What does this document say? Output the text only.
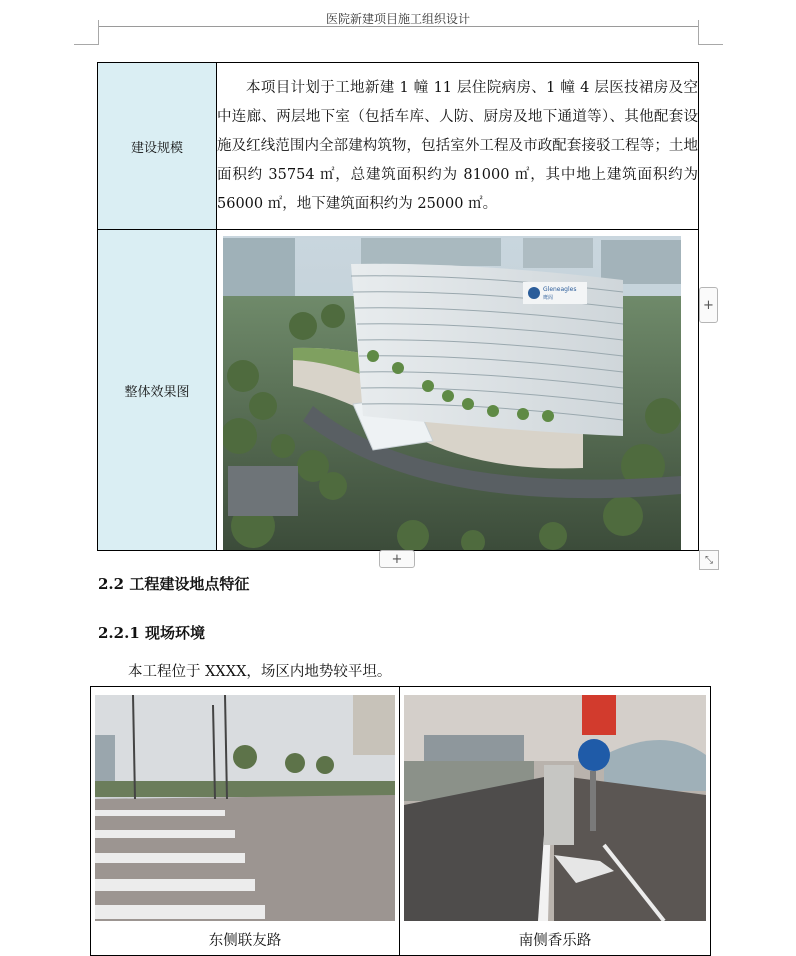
医院新建项目施工组织设计
建设规模	本项目计划于工地新建 1 幢 11 层住院病房、1 幢 4 层医技裙房及空中连廊、两层地下室（包括车库、人防、厨房及地下通道等）、其他配套设施及红线范围内全部建构筑物，包括室外工程及市政配套接驳工程等；土地面积约 35754 ㎡，总建筑面积约为 81000 ㎡，其中地上建筑面积约为 56000 ㎡，地下建筑面积约为 25000 ㎡。
整体效果图	Gleneagles
鹰阁	+
+	⤡
2.2 工程建设地点特征
2.2.1 现场环境
本工程位于 XXXX，场区内地势较平坦。
东侧联友路	南侧香乐路
